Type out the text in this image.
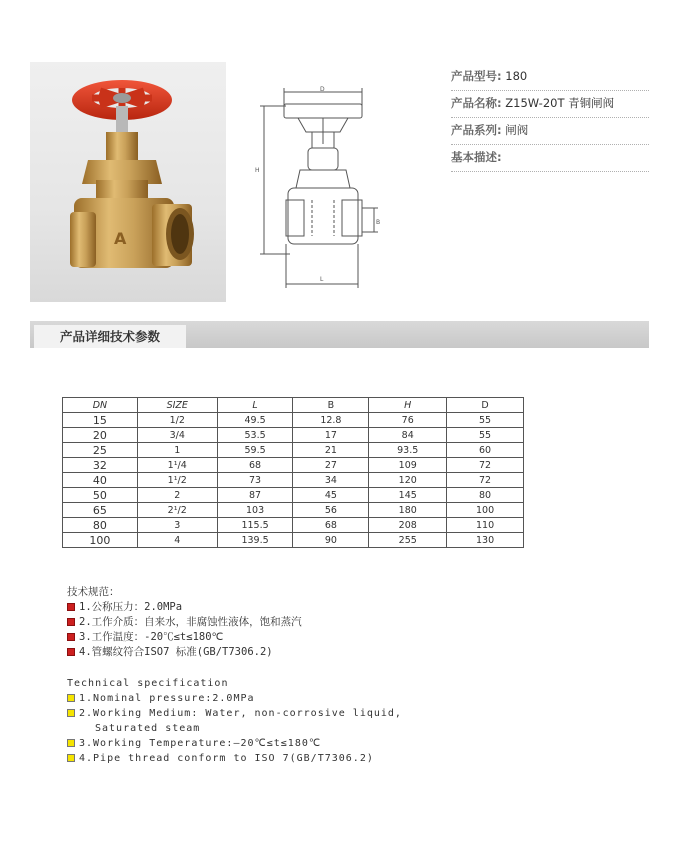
A
D
H
B
L
产品型号: 180
产品名称: Z15W-20T 青铜闸阀
产品系列: 闸阀
基本描述:
产品详细技术参数
DN	SIZE	L	B	H	D
15	1/2	49.5	12.8	76	55
20	3/4	53.5	17	84	55
25	1	59.5	21	93.5	60
32	1¹/4	68	27	109	72
40	1¹/2	73	34	120	72
50	2	87	45	145	80
65	2¹/2	103	56	180	100
80	3	115.5	68	208	110
100	4	139.5	90	255	130
技术规范：
1.公称压力：2.0MPa
2.工作介质：自来水，非腐蚀性液体，饱和蒸汽
3.工作温度：-20℃≤t≤180℃
4.管螺纹符合ISO7 标准(GB/T7306.2)
Technical specification
1.Nominal pressure:2.0MPa
2.Working Medium: Water, non-corrosive liquid,
Saturated steam
3.Working Temperature:—20℃≤t≤180℃
4.Pipe thread conform to ISO 7(GB/T7306.2)
